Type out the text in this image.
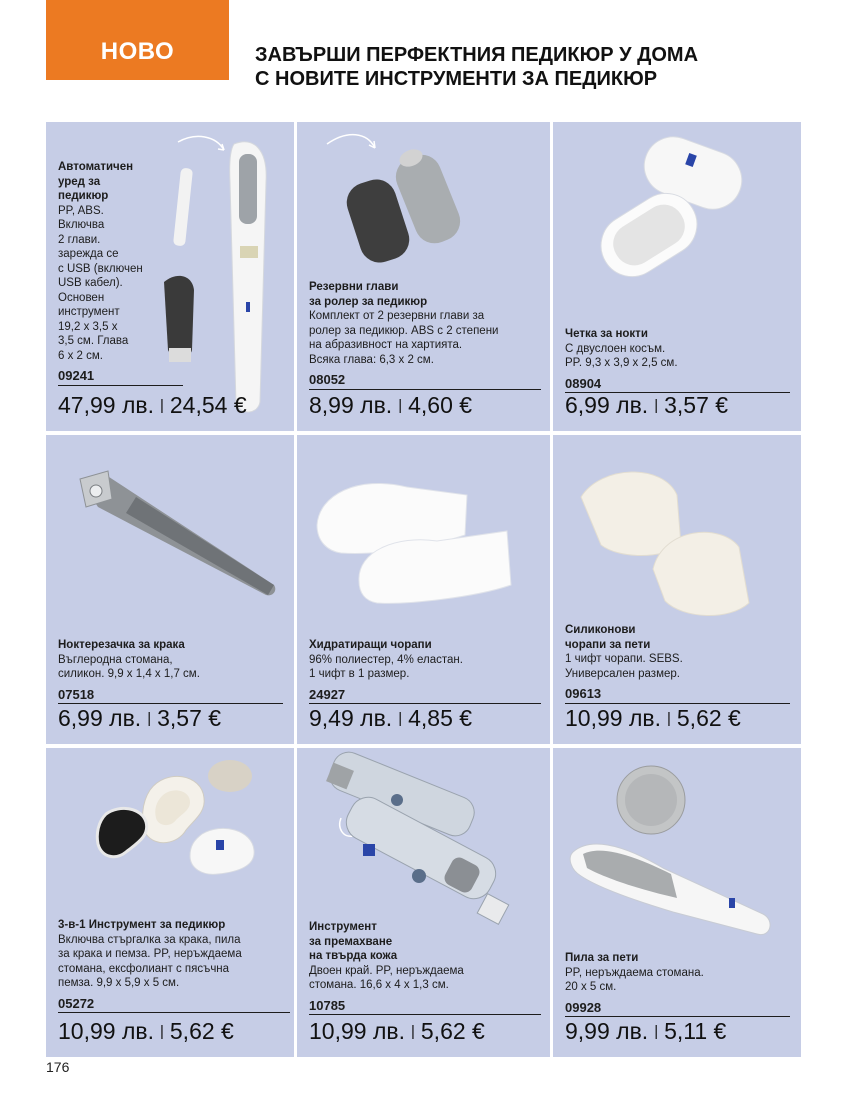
НОВО	ЗАВЪРШИ ПЕРФЕКТНИЯ ПЕДИКЮР У ДОМА
С НОВИТЕ ИНСТРУМЕНТИ ЗА ПЕДИКЮР
Автоматичен
уред за
педикюр
PP, ABS.
Включва
2 глави.
зареждa се
с USB (включен
USB кабел).
Основен
инструмент
19,2 x 3,5 x
3,5 см. Глава
6 x 2 см.
09241
47,99 лв. | 24,54 €
Резервни глави
за ролер за педикюр
Комплект от 2 резервни глави за
ролер за педикюр. ABS с 2 степени
на абразивност на хартията.
Всяка глава: 6,3 x 2 см.
08052
8,99 лв. | 4,60 €
Четка за нокти
С двуслоен косъм.
PP. 9,3 x 3,9 x 2,5 см.
08904
6,99 лв. | 3,57 €
Ноктерезачка за крака
Въглеродна стомана,
силикон. 9,9 x 1,4 x 1,7 см.
07518
6,99 лв. | 3,57 €
Хидратиращи чорапи
96% полиестер, 4% еластан.
1 чифт в 1 размер.
24927
9,49 лв. | 4,85 €
Силиконови
чорапи за пети
1 чифт чорапи. SEBS.
Универсален размер.
09613
10,99 лв. | 5,62 €
3-в-1 Инструмент за педикюр
Включва стъргалка за крака, пила
за крака и пемза. PP, неръждаема
стомана, ексфолиант с пясъчна
пемза. 9,9 x 5,9 x 5 см.
05272
10,99 лв. | 5,62 €
Инструмент
за премахване
на твърда кожа
Двоен край. PP, неръждаема
стомана. 16,6 x 4 x 1,3 см.
10785
10,99 лв. | 5,62 €
Пила за пети
PP, неръждаема стомана.
20 x 5 см.
09928
9,99 лв. | 5,11 €
176
